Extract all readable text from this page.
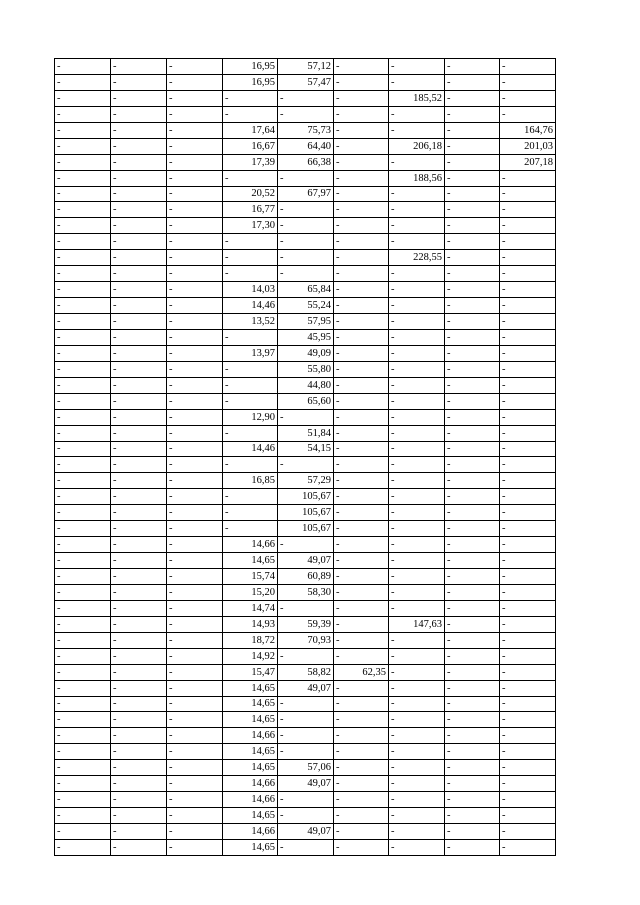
-	-	-	16,95	57,12	-	-	-	-
-	-	-	16,95	57,47	-	-	-	-
-	-	-	-	-	-	185,52	-	-
-	-	-	-	-	-	-	-	-
-	-	-	17,64	75,73	-	-	-	164,76
-	-	-	16,67	64,40	-	206,18	-	201,03
-	-	-	17,39	66,38	-	-	-	207,18
-	-	-	-	-	-	188,56	-	-
-	-	-	20,52	67,97	-	-	-	-
-	-	-	16,77	-	-	-	-	-
-	-	-	17,30	-	-	-	-	-
-	-	-	-	-	-	-	-	-
-	-	-	-	-	-	228,55	-	-
-	-	-	-	-	-	-	-	-
-	-	-	14,03	65,84	-	-	-	-
-	-	-	14,46	55,24	-	-	-	-
-	-	-	13,52	57,95	-	-	-	-
-	-	-	-	45,95	-	-	-	-
-	-	-	13,97	49,09	-	-	-	-
-	-	-	-	55,80	-	-	-	-
-	-	-	-	44,80	-	-	-	-
-	-	-	-	65,60	-	-	-	-
-	-	-	12,90	-	-	-	-	-
-	-	-	-	51,84	-	-	-	-
-	-	-	14,46	54,15	-	-	-	-
-	-	-	-	-	-	-	-	-
-	-	-	16,85	57,29	-	-	-	-
-	-	-	-	105,67	-	-	-	-
-	-	-	-	105,67	-	-	-	-
-	-	-	-	105,67	-	-	-	-
-	-	-	14,66	-	-	-	-	-
-	-	-	14,65	49,07	-	-	-	-
-	-	-	15,74	60,89	-	-	-	-
-	-	-	15,20	58,30	-	-	-	-
-	-	-	14,74	-	-	-	-	-
-	-	-	14,93	59,39	-	147,63	-	-
-	-	-	18,72	70,93	-	-	-	-
-	-	-	14,92	-	-	-	-	-
-	-	-	15,47	58,82	62,35	-	-	-
-	-	-	14,65	49,07	-	-	-	-
-	-	-	14,65	-	-	-	-	-
-	-	-	14,65	-	-	-	-	-
-	-	-	14,66	-	-	-	-	-
-	-	-	14,65	-	-	-	-	-
-	-	-	14,65	57,06	-	-	-	-
-	-	-	14,66	49,07	-	-	-	-
-	-	-	14,66	-	-	-	-	-
-	-	-	14,65	-	-	-	-	-
-	-	-	14,66	49,07	-	-	-	-
-	-	-	14,65	-	-	-	-	-
